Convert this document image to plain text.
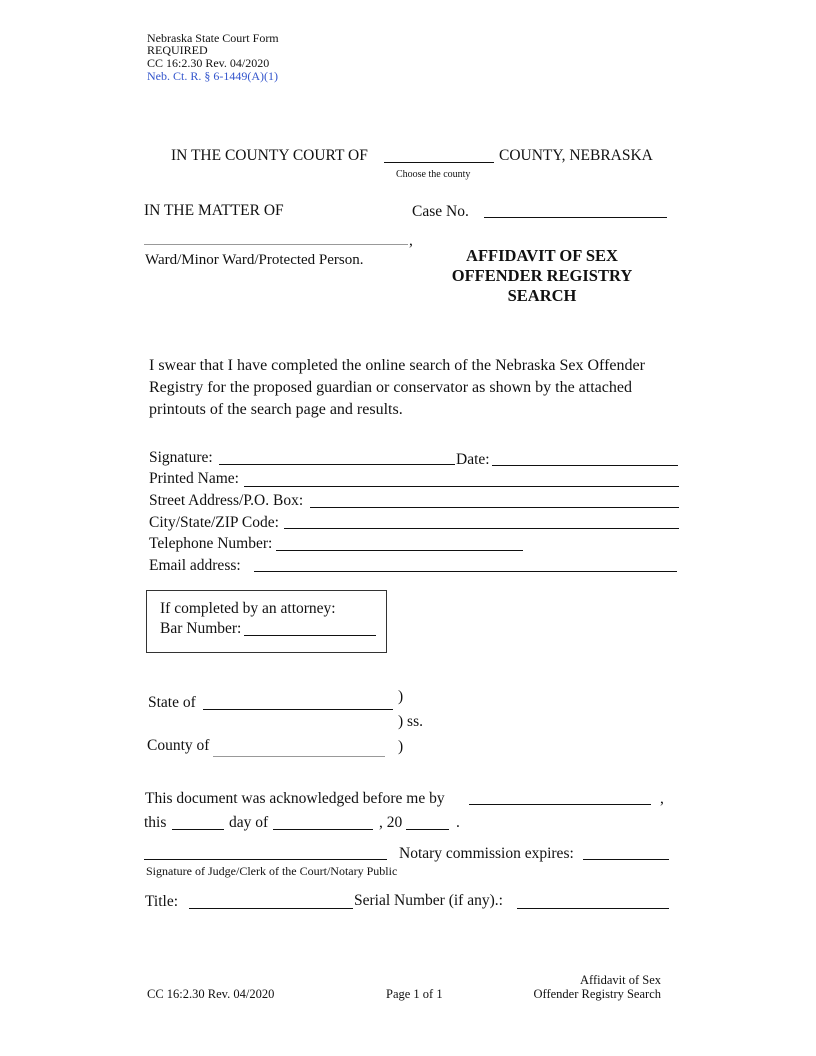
Nebraska State Court Form
REQUIRED
CC 16:2.30 Rev. 04/2020
Neb. Ct. R. § 6-1449(A)(1)
IN THE COUNTY COURT OF	COUNTY, NEBRASKA
Choose the county
IN THE MATTER OF	Case No.
,
Ward/Minor Ward/Protected Person.	AFFIDAVIT OF SEX
OFFENDER REGISTRY
SEARCH
I swear that I have completed the online search of the Nebraska Sex Offender
Registry for the proposed guardian or conservator as shown by the attached
printouts of the search page and results.
Signature:	Date:
Printed Name:
Street Address/P.O. Box:
City/State/ZIP Code:
Telephone Number:
Email address:
If completed by an attorney:
Bar Number:
State of	)
) ss.
County of	)
This document was acknowledged before me by	,
this	day of	, 20	.
Notary commission expires:
Signature of Judge/Clerk of the Court/Notary Public
Title:	Serial Number (if any).:
CC 16:2.30 Rev. 04/2020	Page 1 of 1
Affidavit of Sex
Offender Registry Search
